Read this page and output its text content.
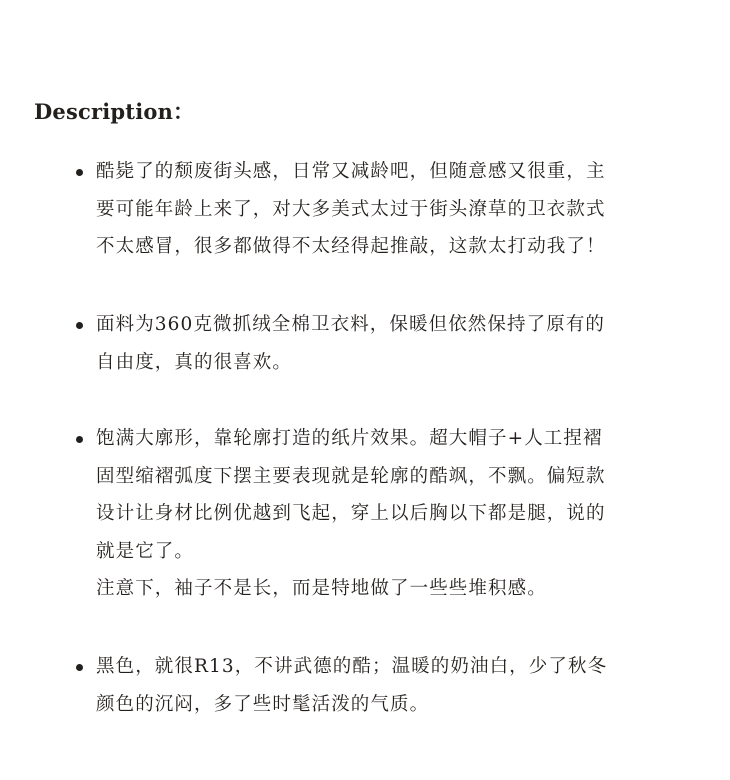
Description：
酷毙了的颓废街头感，日常又减龄吧，但随意感又很重，主
要可能年龄上来了，对大多美式太过于街头潦草的卫衣款式
不太感冒，很多都做得不太经得起推敲，这款太打动我了！
面料为360克微抓绒全棉卫衣料，保暖但依然保持了原有的
自由度，真的很喜欢。
饱满大廓形，靠轮廓打造的纸片效果。超大帽子+人工捏褶
固型缩褶弧度下摆主要表现就是轮廓的酷飒，不飘。偏短款
设计让身材比例优越到飞起，穿上以后胸以下都是腿，说的
就是它了。
注意下，袖子不是长，而是特地做了一些些堆积感。
黑色，就很R13，不讲武德的酷；温暖的奶油白，少了秋冬
颜色的沉闷，多了些时髦活泼的气质。
